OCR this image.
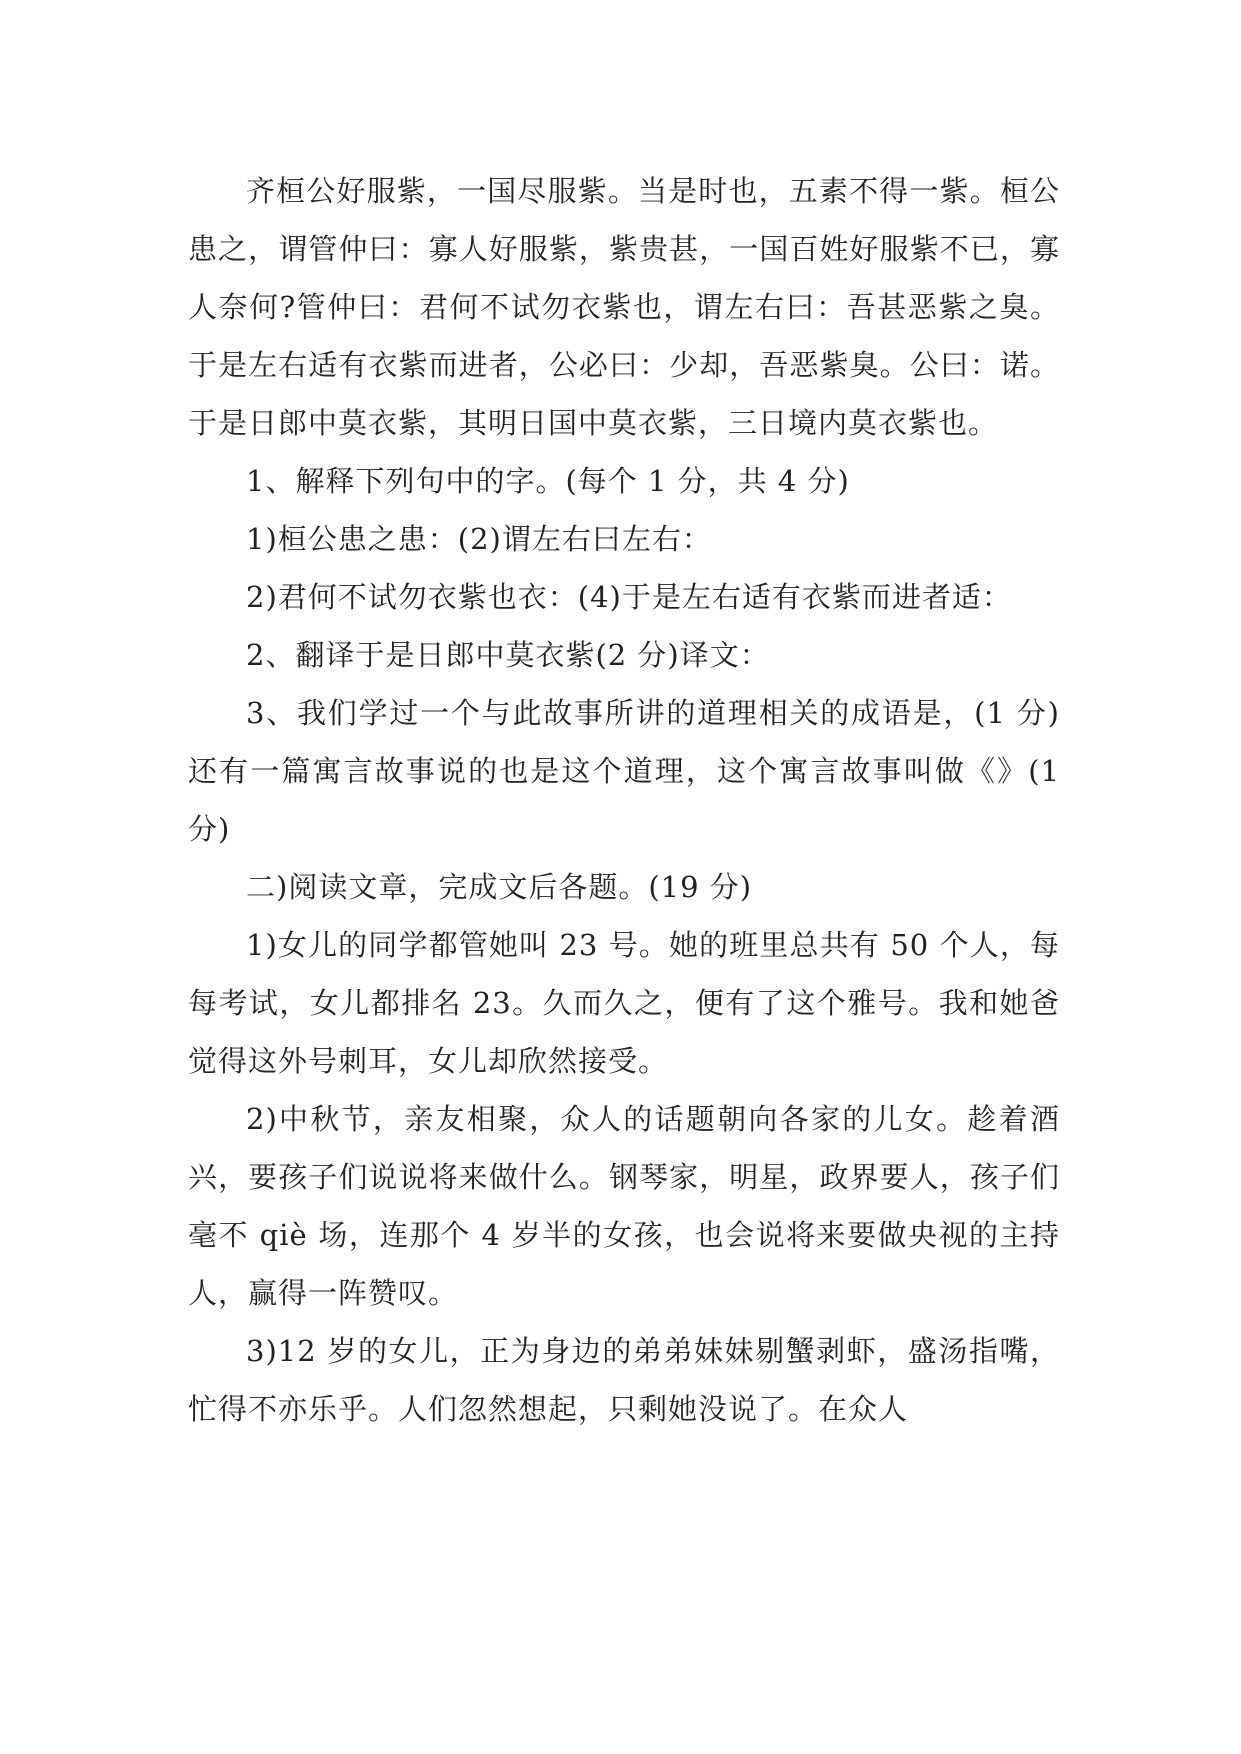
齐桓公好服紫，一国尽服紫。当是时也，五素不得一紫。桓公患之，谓管仲曰：寡人好服紫，紫贵甚，一国百姓好服紫不已，寡人奈何?管仲曰：君何不试勿衣紫也，谓左右曰：吾甚恶紫之臭。于是左右适有衣紫而进者，公必曰：少却，吾恶紫臭。公曰：诺。于是日郎中莫衣紫，其明日国中莫衣紫，三日境内莫衣紫也。

1、解释下列句中的字。(每个 1 分，共 4 分)

1)桓公患之患：(2)谓左右曰左右：

2)君何不试勿衣紫也衣：(4)于是左右适有衣紫而进者适：

2、翻译于是日郎中莫衣紫(2 分)译文：

3、我们学过一个与此故事所讲的道理相关的成语是，(1 分)还有一篇寓言故事说的也是这个道理，这个寓言故事叫做《》(1 分)

二)阅读文章，完成文后各题。(19 分)

1)女儿的同学都管她叫 23 号。她的班里总共有 50 个人，每每考试，女儿都排名 23。久而久之，便有了这个雅号。我和她爸觉得这外号刺耳，女儿却欣然接受。

2)中秋节，亲友相聚，众人的话题朝向各家的儿女。趁着酒兴，要孩子们说说将来做什么。钢琴家，明星，政界要人，孩子们毫不 qiè 场，连那个 4 岁半的女孩，也会说将来要做央视的主持人，赢得一阵赞叹。

3)12 岁的女儿，正为身边的弟弟妹妹剔蟹剥虾，盛汤指嘴，忙得不亦乐乎。人们忽然想起，只剩她没说了。在众人
